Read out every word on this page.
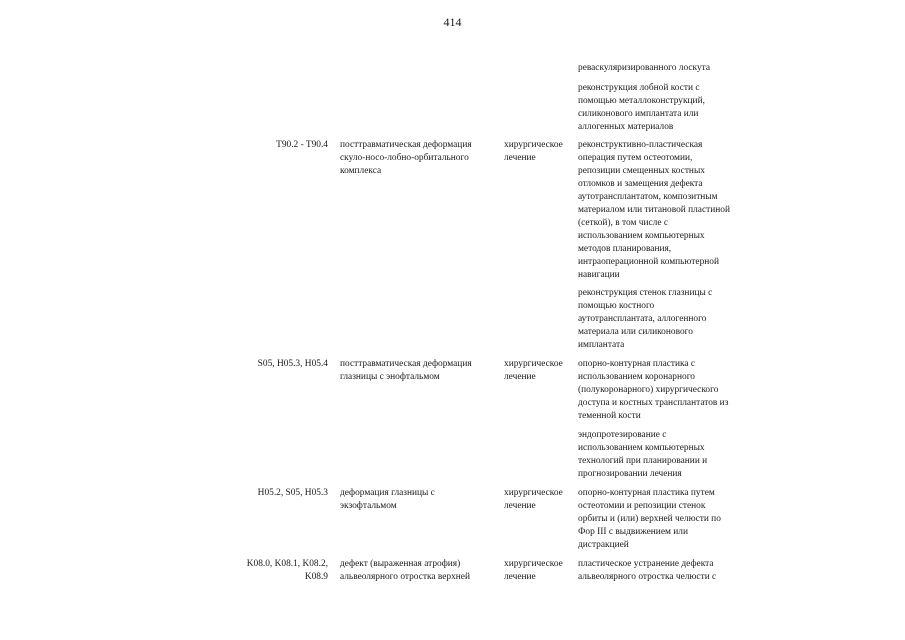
414
реваскуляризированного лоскута
реконструкция лобной кости с
помощью металлоконструкций,
силиконового имплантата или
аллогенных материалов
T90.2 - T90.4 посттравматическая деформация
скуло-носо-лобно-орбитального
комплекса
хирургическое
лечение
реконструктивно-пластическая
операция путем остеотомии,
репозиции смещенных костных
отломков и замещения дефекта
аутотрансплантатом, композитным
материалом или титановой пластиной
(сеткой), в том числе с
использованием компьютерных
методов планирования,
интраоперационной компьютерной
навигации
реконструкция стенок глазницы с
помощью костного
аутотрансплантата, аллогенного
материала или силиконового
имплантата
S05, H05.3, H05.4 посттравматическая деформация
глазницы с энофтальмом
хирургическое
лечение
опорно-контурная пластика с
использованием коронарного
(полукоронарного) хирургического
доступа и костных трансплантатов из
теменной кости
эндопротезирование с
использованием компьютерных
технологий при планировании и
прогнозировании лечения
H05.2, S05, H05.3 деформация глазницы с
экзофтальмом
хирургическое
лечение
опорно-контурная пластика путем
остеотомии и репозиции стенок
орбиты и (или) верхней челюсти по
Фор III с выдвижением или
дистракцией
K08.0, K08.1, K08.2,
K08.9
дефект (выраженная атрофия)
альвеолярного отростка верхней
хирургическое
лечение
пластическое устранение дефекта
альвеолярного отростка челюсти с
